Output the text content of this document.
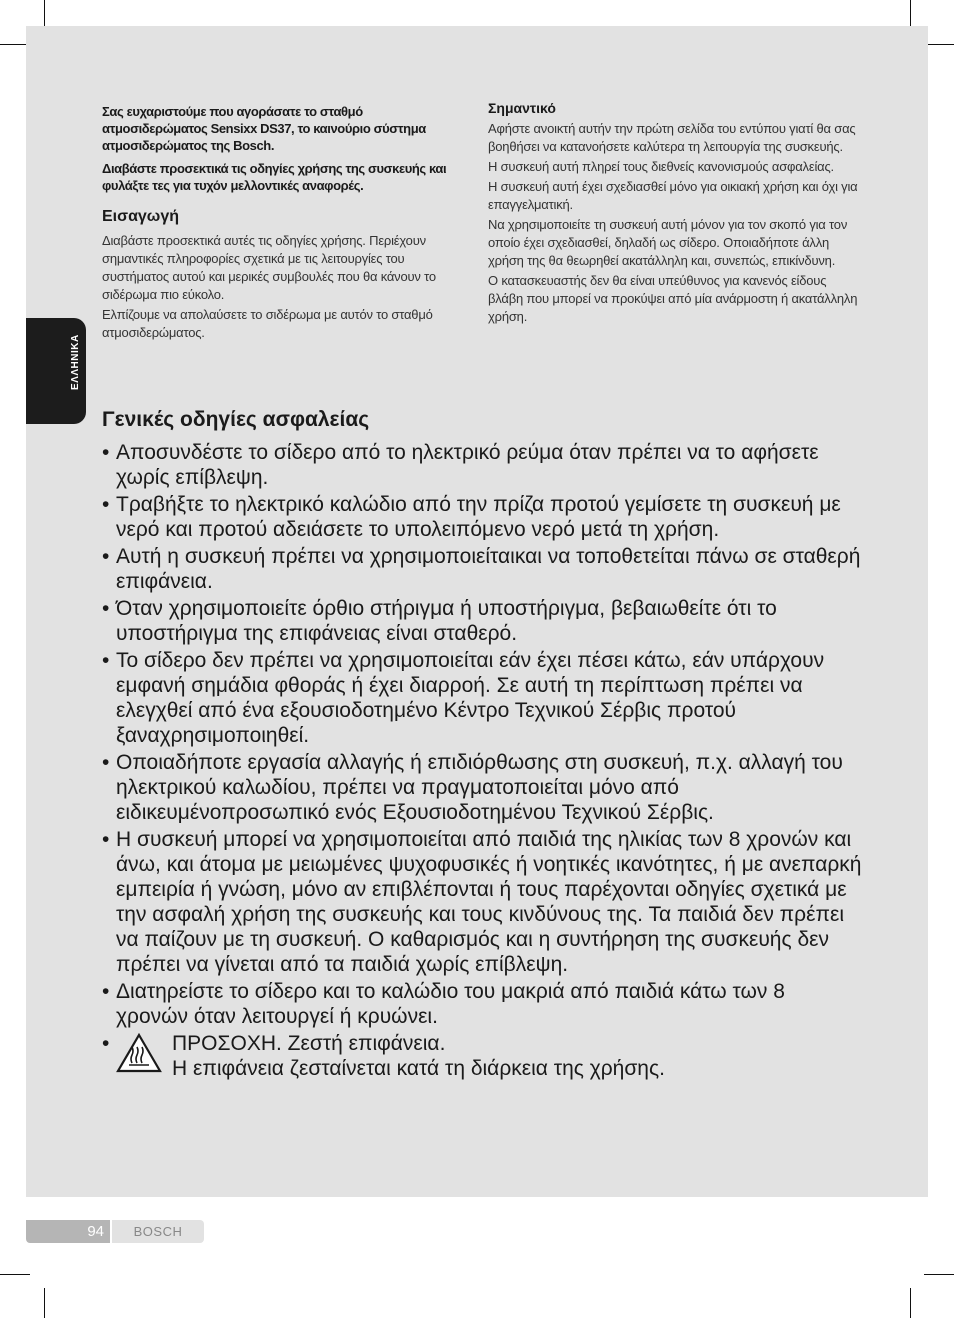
ΕΛΛΗΝΙΚΑ

Σας ευχαριστούμε που αγοράσατε το σταθμό ατμοσιδερώματος Sensixx DS37, το καινούριο σύστημα ατμοσιδερώματος της Bosch.

Διαβάστε προσεκτικά τις οδηγίες χρήσης της συσκευής και φυλάξτε τες για τυχόν μελλοντικές αναφορές.

Εισαγωγή

Διαβάστε προσεκτικά αυτές τις οδηγίες χρήσης. Περιέχουν σημαντικές πληροφορίες σχετικά με τις λειτουργίες του συστήματος αυτού και μερικές συμβουλές που θα κάνουν το σιδέρωμα πιο εύκολο.

Ελπίζουμε να απολαύσετε το σιδέρωμα με αυτόν το σταθμό ατμοσιδερώματος.

Σημαντικό

Αφήστε ανοικτή αυτήν την πρώτη σελίδα του εντύπου γιατί θα σας βοηθήσει να κατανοήσετε καλύτερα τη λειτουργία της συσκευής.

Η συσκευή αυτή πληρεί τους διεθνείς κανονισμούς ασφαλείας.

Η συσκευή αυτή έχει σχεδιασθεί μόνο για οικιακή χρήση και όχι για επαγγελματική.

Να χρησιμοποιείτε τη συσκευή αυτή μόνον για τον σκοπό για τον οποίο έχει σχεδιασθεί, δηλαδή ως σίδερο. Οποιαδήποτε άλλη χρήση της θα θεωρηθεί ακατάλληλη και, συνεπώς, επικίνδυνη.

Ο κατασκευαστής δεν θα είναι υπεύθυνος για κανενός είδους βλάβη που μπορεί να προκύψει από μία ανάρμοστη ή ακατάλληλη χρήση.

Γενικές οδηγίες ασφαλείας
• Αποσυνδέστε το σίδερο από το ηλεκτρικό ρεύμα όταν πρέπει να το αφήσετε χωρίς επίβλεψη.
• Τραβήξτε το ηλεκτρικό καλώδιο από την πρίζα προτού γεμίσετε τη συσκευή με νερό και προτού αδειάσετε το υπολειπόμενο νερό μετά τη χρήση.
• Αυτή η συσκευή πρέπει να χρησιμοποιείταικαι να τοποθετείται πάνω σε σταθερή επιφάνεια.
• Όταν χρησιμοποιείτε όρθιο στήριγμα ή υποστήριγμα, βεβαιωθείτε ότι το υποστήριγμα της επιφάνειας είναι σταθερό.
• Το σίδερο δεν πρέπει να χρησιμοποιείται εάν έχει πέσει κάτω, εάν υπάρχουν εμφανή σημάδια φθοράς ή έχει διαρροή. Σε αυτή τη περίπτωση πρέπει να ελεγχθεί από ένα εξουσιοδοτημένο Κέντρο Τεχνικού Σέρβις προτού ξαναχρησιμοποιηθεί.
• Οποιαδήποτε εργασία αλλαγής ή επιδιόρθωσης στη συσκευή, π.χ. αλλαγή του ηλεκτρικού καλωδίου, πρέπει να πραγματοποιείται μόνο από ειδικευμένοπροσωπικό ενός Εξουσιοδοτημένου Τεχνικού Σέρβις.
• Η συσκευή μπορεί να χρησιμοποιείται από παιδιά της ηλικίας των 8 χρονών και άνω, και άτομα με μειωμένες ψυχοφυσικές ή νοητικές ικανότητες, ή με ανεπαρκή εμπειρία ή γνώση, μόνο αν επιβλέπονται ή τους παρέχονται οδηγίες σχετικά με την ασφαλή χρήση της συσκευής και τους κινδύνους της. Τα παιδιά δεν πρέπει να παίζουν με τη συσκευή. Ο καθαρισμός και η συντήρηση της συσκευής δεν πρέπει να γίνεται από τα παιδιά χωρίς επίβλεψη.
• Διατηρείστε το σίδερο και το καλώδιο του μακριά από παιδιά κάτω των 8 χρονών όταν λειτουργεί ή κρυώνει.
•	ΠΡΟΣΟΧΗ. Ζεστή επιφάνεια.
Η επιφάνεια ζεσταίνεται κατά τη διάρκεια της χρήσης.
94	BOSCH
